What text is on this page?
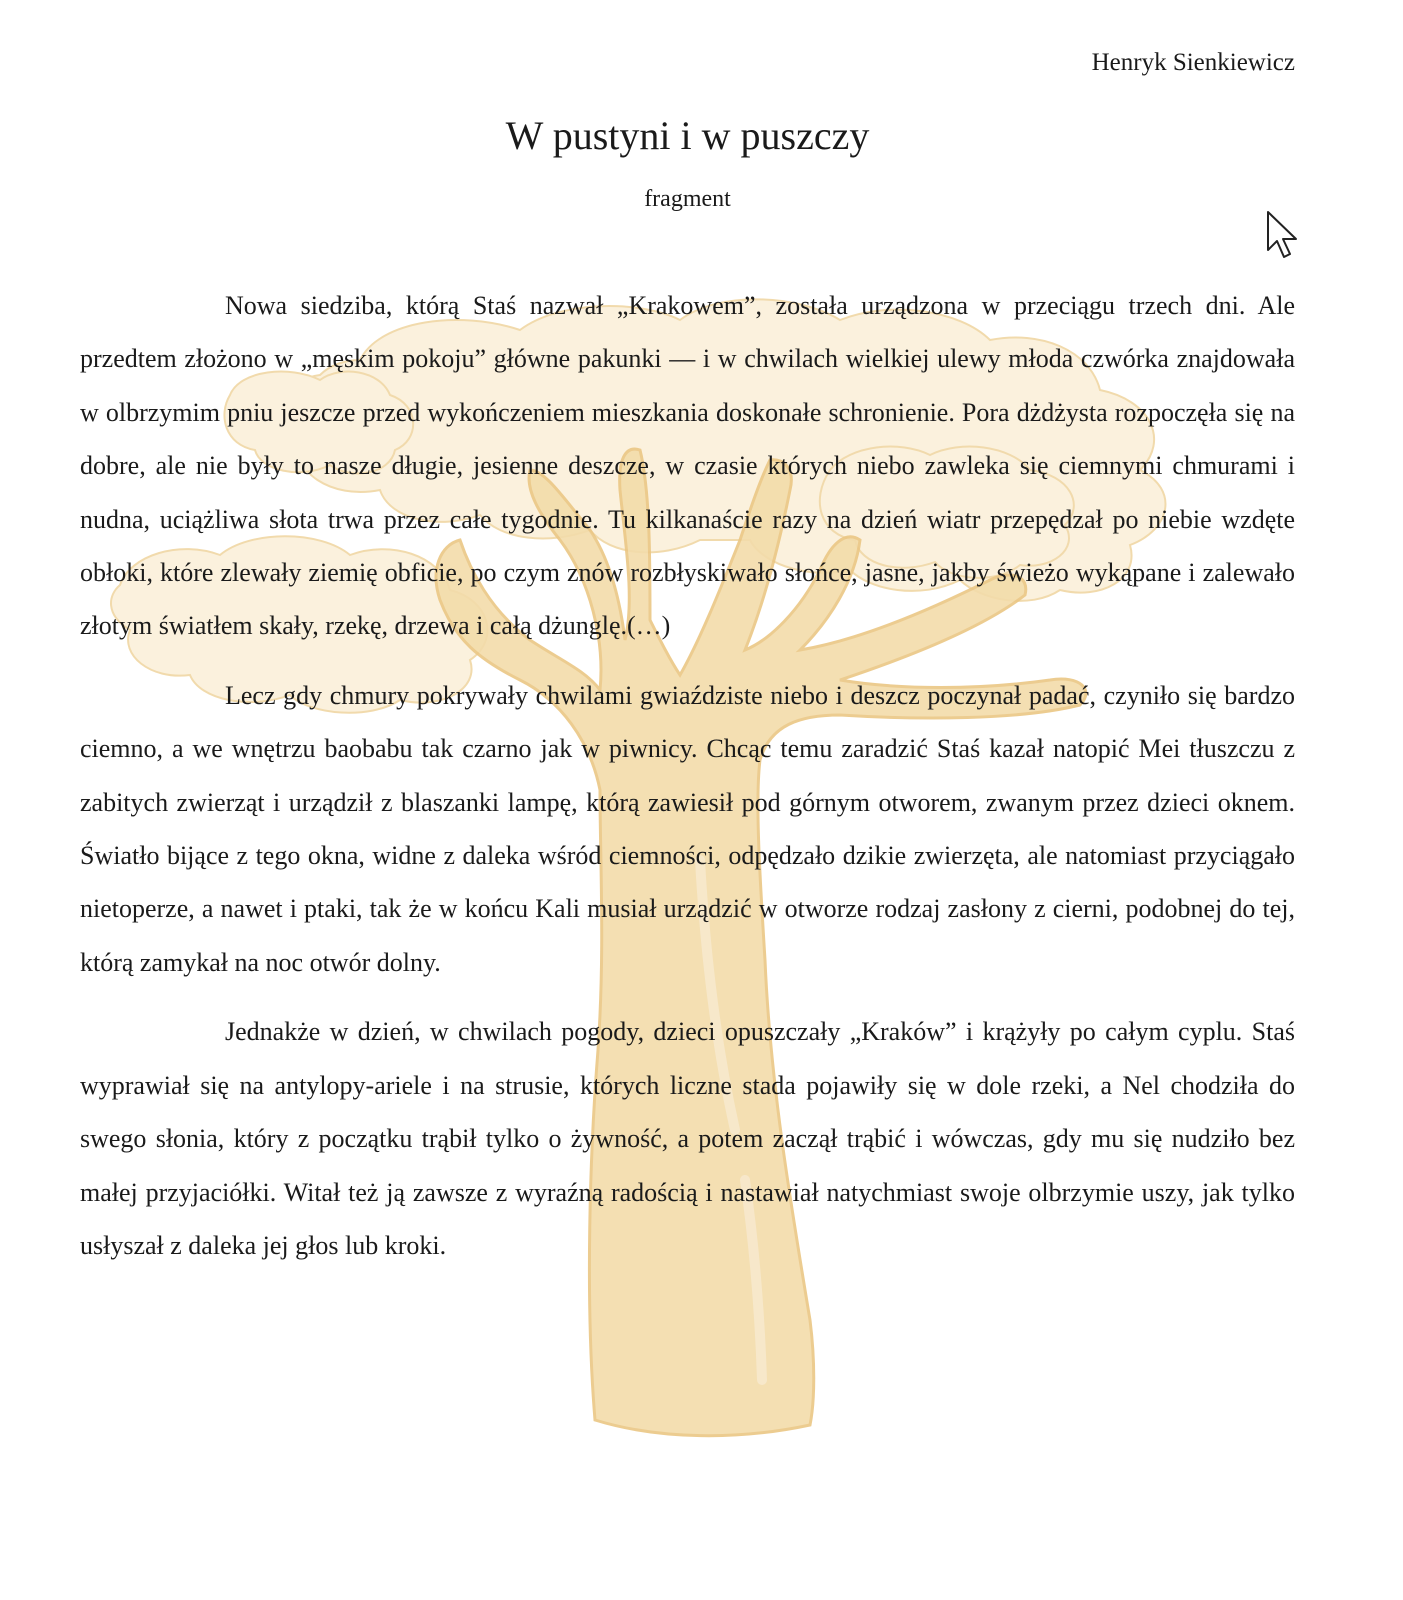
Henryk Sienkiewicz
W pustyni i w puszczy
fragment

Nowa siedziba, którą Staś nazwał „Krakowem”, została urządzona w przeciągu trzech dni. Ale przedtem złożono w „męskim pokoju” główne pakunki — i w chwilach wielkiej ulewy młoda czwórka znajdowała w olbrzymim pniu jeszcze przed wykończeniem mieszkania doskonałe schronienie. Pora dżdżysta rozpoczęła się na dobre, ale nie były to nasze długie, jesienne deszcze, w czasie których niebo zawleka się ciemnymi chmurami i nudna, uciążliwa słota trwa przez całe tygodnie. Tu kilkanaście razy na dzień wiatr przepędzał po niebie wzdęte obłoki, które zlewały ziemię obficie, po czym znów rozbłyskiwało słońce, jasne, jakby świeżo wykąpane i zalewało złotym światłem skały, rzekę, drzewa i całą dżunglę.(…)

Lecz gdy chmury pokrywały chwilami gwiaździste niebo i deszcz poczynał padać, czyniło się bardzo ciemno, a we wnętrzu baobabu tak czarno jak w piwnicy. Chcąc temu zaradzić Staś kazał natopić Mei tłuszczu z zabitych zwierząt i urządził z blaszanki lampę, którą zawiesił pod górnym otworem, zwanym przez dzieci oknem. Światło bijące z tego okna, widne z daleka wśród ciemności, odpędzało dzikie zwierzęta, ale natomiast przyciągało nietoperze, a nawet i ptaki, tak że w końcu Kali musiał urządzić w otworze rodzaj zasłony z cierni, podobnej do tej, którą zamykał na noc otwór dolny.

Jednakże w dzień, w chwilach pogody, dzieci opuszczały „Kraków” i krążyły po całym cyplu. Staś wyprawiał się na antylopy-ariele i na strusie, których liczne stada pojawiły się w dole rzeki, a Nel chodziła do swego słonia, który z początku trąbił tylko o żywność, a potem zaczął trąbić i wówczas, gdy mu się nudziło bez małej przyjaciółki. Witał też ją zawsze z wyraźną radością i nastawiał natychmiast swoje olbrzymie uszy, jak tylko usłyszał z daleka jej głos lub kroki.
